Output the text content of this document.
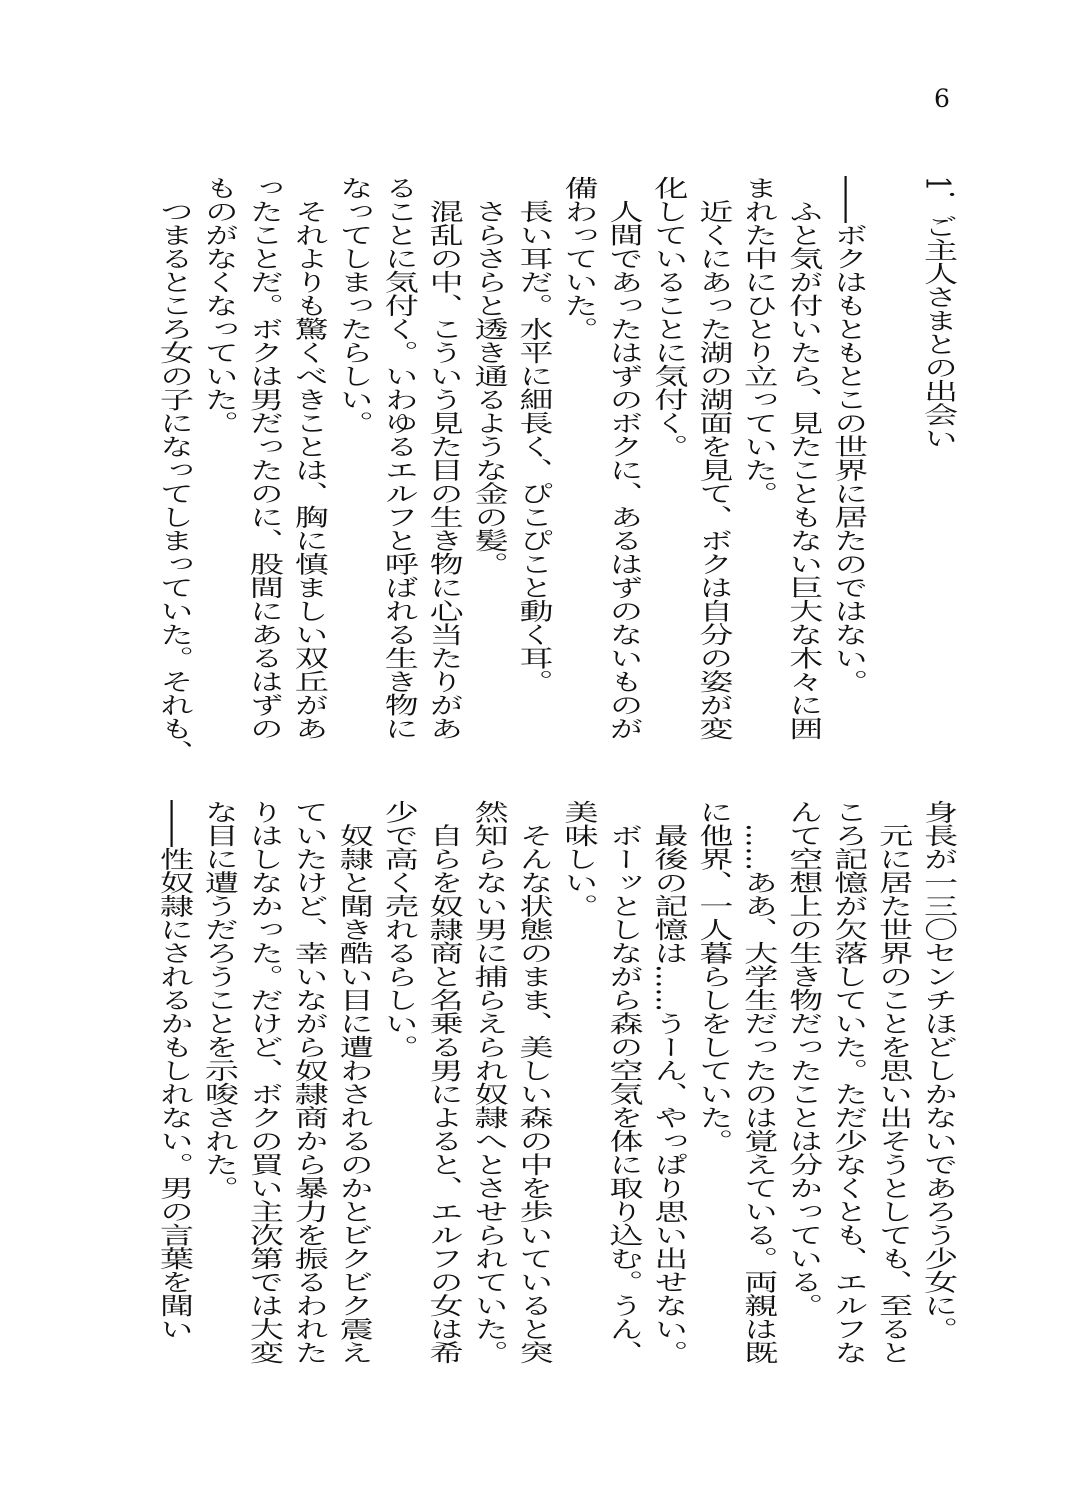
6
1．ご主人さまとの出会い
――ボクはもともとこの世界に居たのではない。
　ふと気が付いたら、見たこともない巨大な木々に囲
まれた中にひとり立っていた。
　近くにあった湖の湖面を見て、ボクは自分の姿が変
化していることに気付く。
　人間であったはずのボクに、あるはずのないものが
備わっていた。
　長い耳だ。水平に細長く、ぴこぴこと動く耳。
　さらさらと透き通るような金の髪。
　混乱の中、こういう見た目の生き物に心当たりがあ
ることに気付く。いわゆるエルフと呼ばれる生き物に
なってしまったらしい。
　それよりも驚くべきことは、胸に慎ましい双丘があ
ったことだ。ボクは男だったのに、股間にあるはずの
ものがなくなっていた。
　つまるところ女の子になってしまっていた。それも、
身長が一三〇センチほどしかないであろう少女に。
　元に居た世界のことを思い出そうとしても、至ると
ころ記憶が欠落していた。ただ少なくとも、エルフな
んて空想上の生き物だったことは分かっている。
　……ああ、大学生だったのは覚えている。両親は既
に他界、一人暮らしをしていた。
　最後の記憶は……うーん、やっぱり思い出せない。
　ボーッとしながら森の空気を体に取り込む。うん、
美味しい。
　そんな状態のまま、美しい森の中を歩いていると突
然知らない男に捕らえられ奴隷へとさせられていた。
　自らを奴隷商と名乗る男によると、エルフの女は希
少で高く売れるらしい。
　奴隷と聞き酷い目に遭わされるのかとビクビク震え
ていたけど、幸いながら奴隷商から暴力を振るわれた
りはしなかった。だけど、ボクの買い主次第では大変
な目に遭うだろうことを示唆された。
――性奴隷にされるかもしれない。男の言葉を聞い
